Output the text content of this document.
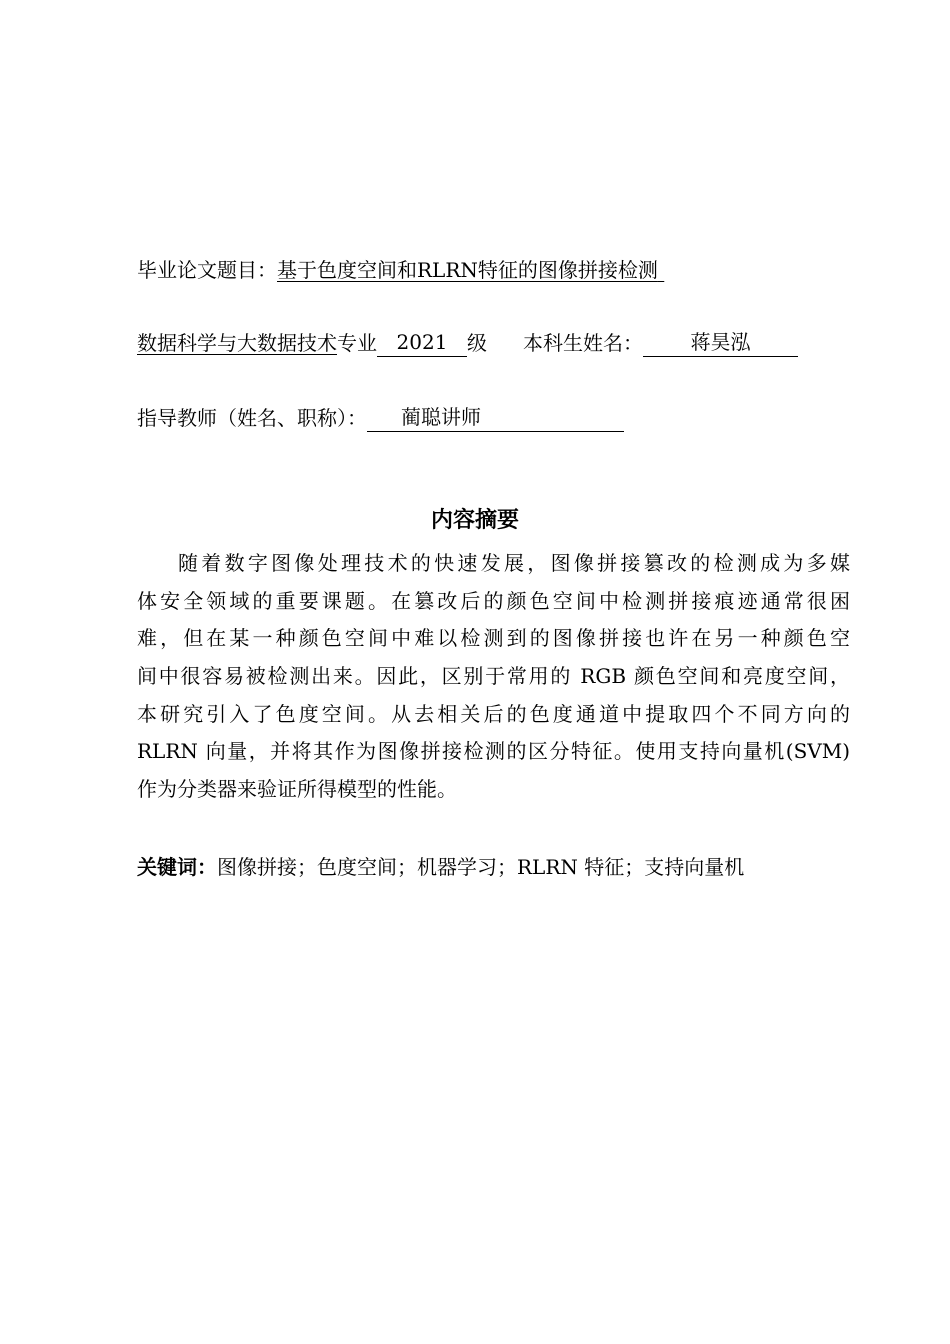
毕业论文题目：基于色度空间和RLRN特征的图像拼接检测
数据科学与大数据技术专业 2021 级 本科生姓名： 蒋昊泓
指导教师（姓名、职称）： 蔺聪讲师
内容摘要
随着数字图像处理技术的快速发展，图像拼接篡改的检测成为多媒
体安全领域的重要课题。在篡改后的颜色空间中检测拼接痕迹通常很困
难，但在某一种颜色空间中难以检测到的图像拼接也许在另一种颜色空
间中很容易被检测出来。因此，区别于常用的 RGB 颜色空间和亮度空间，
本研究引入了色度空间。从去相关后的色度通道中提取四个不同方向的
RLRN 向量，并将其作为图像拼接检测的区分特征。使用支持向量机(SVM)
作为分类器来验证所得模型的性能。
关键词：图像拼接；色度空间；机器学习；RLRN 特征；支持向量机
